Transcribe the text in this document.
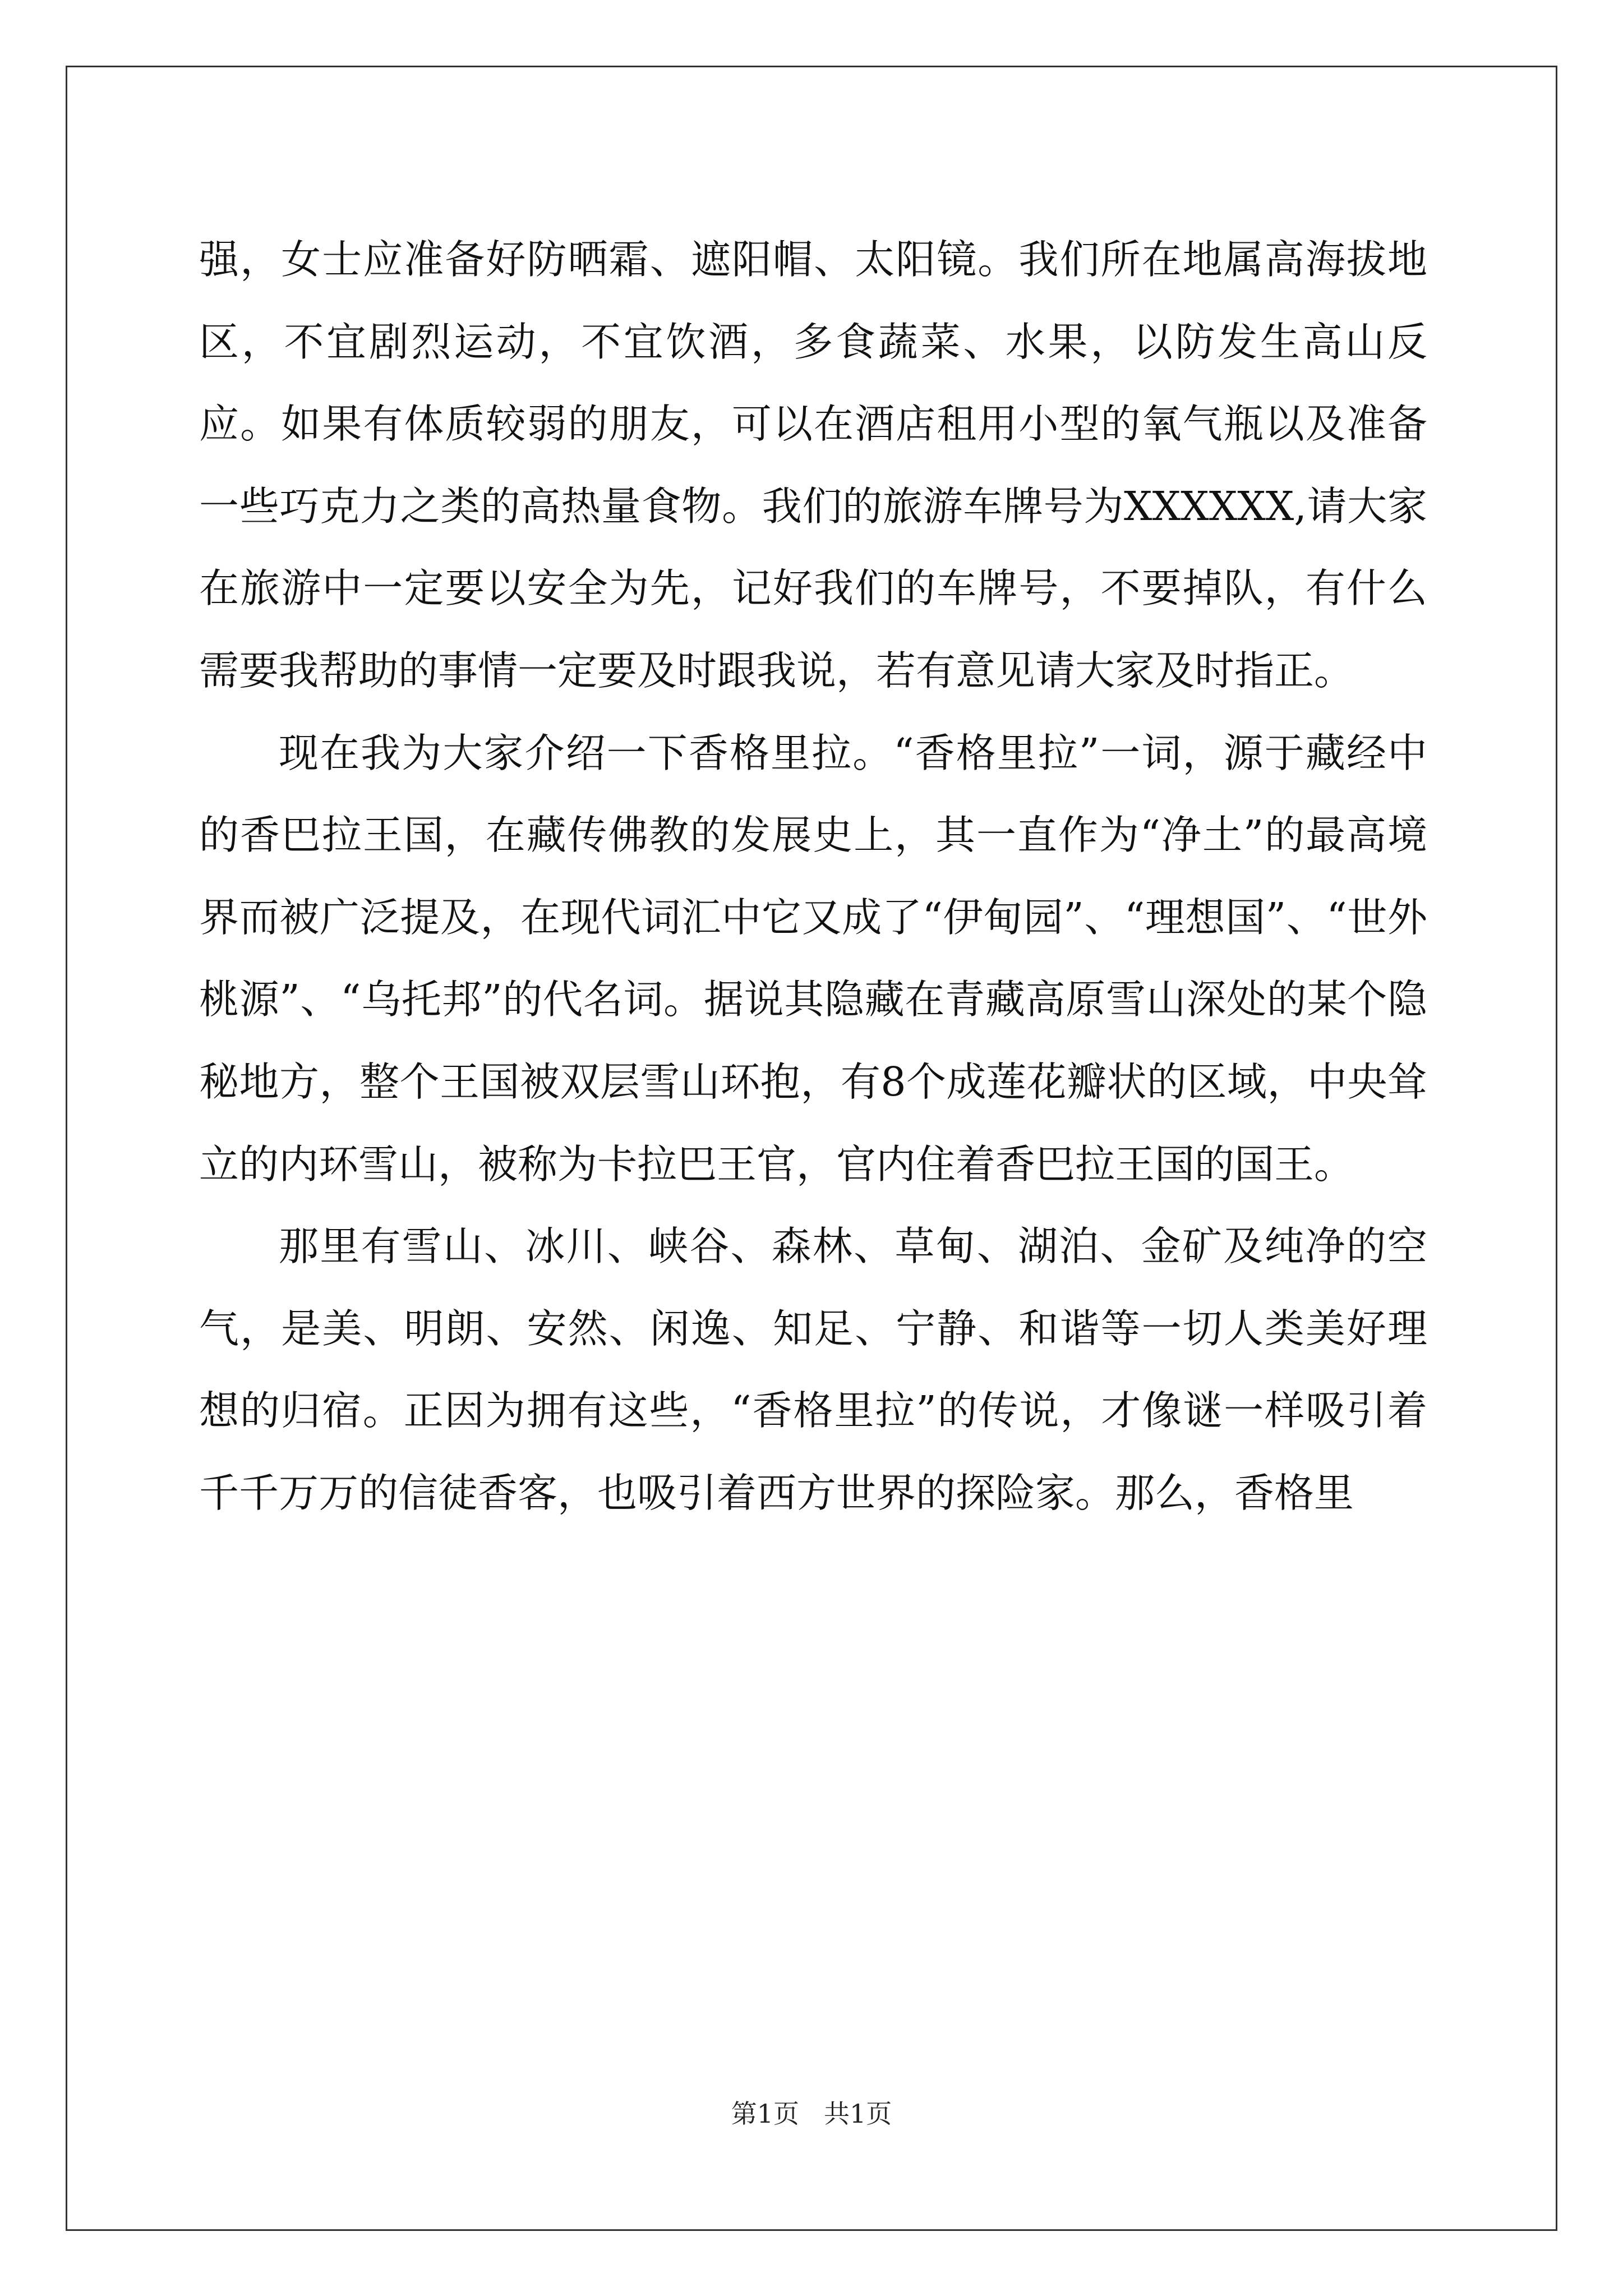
强，女士应准备好防晒霜、遮阳帽、太阳镜。我们所在地属高海拔地区，不宜剧烈运动，不宜饮酒，多食蔬菜、水果，以防发生高山反应。如果有体质较弱的朋友，可以在酒店租用小型的氧气瓶以及准备一些巧克力之类的高热量食物。我们的旅游车牌号为XXXXXX,请大家在旅游中一定要以安全为先，记好我们的车牌号，不要掉队，有什么需要我帮助的事情一定要及时跟我说，若有意见请大家及时指正。

现在我为大家介绍一下香格里拉。“香格里拉”一词，源于藏经中的香巴拉王国，在藏传佛教的发展史上，其一直作为“净土”的最高境界而被广泛提及，在现代词汇中它又成了“伊甸园”、“理想国”、“世外桃源”、“乌托邦”的代名词。据说其隐藏在青藏高原雪山深处的某个隐秘地方，整个王国被双层雪山环抱，有8个成莲花瓣状的区域，中央耸立的内环雪山，被称为卡拉巴王官，官内住着香巴拉王国的国王。

那里有雪山、冰川、峡谷、森林、草甸、湖泊、金矿及纯净的空气，是美、明朗、安然、闲逸、知足、宁静、和谐等一切人类美好理想的归宿。正因为拥有这些，“香格里拉”的传说，才像谜一样吸引着千千万万的信徒香客，也吸引着西方世界的探险家。那么，香格里

第1页 共1页
